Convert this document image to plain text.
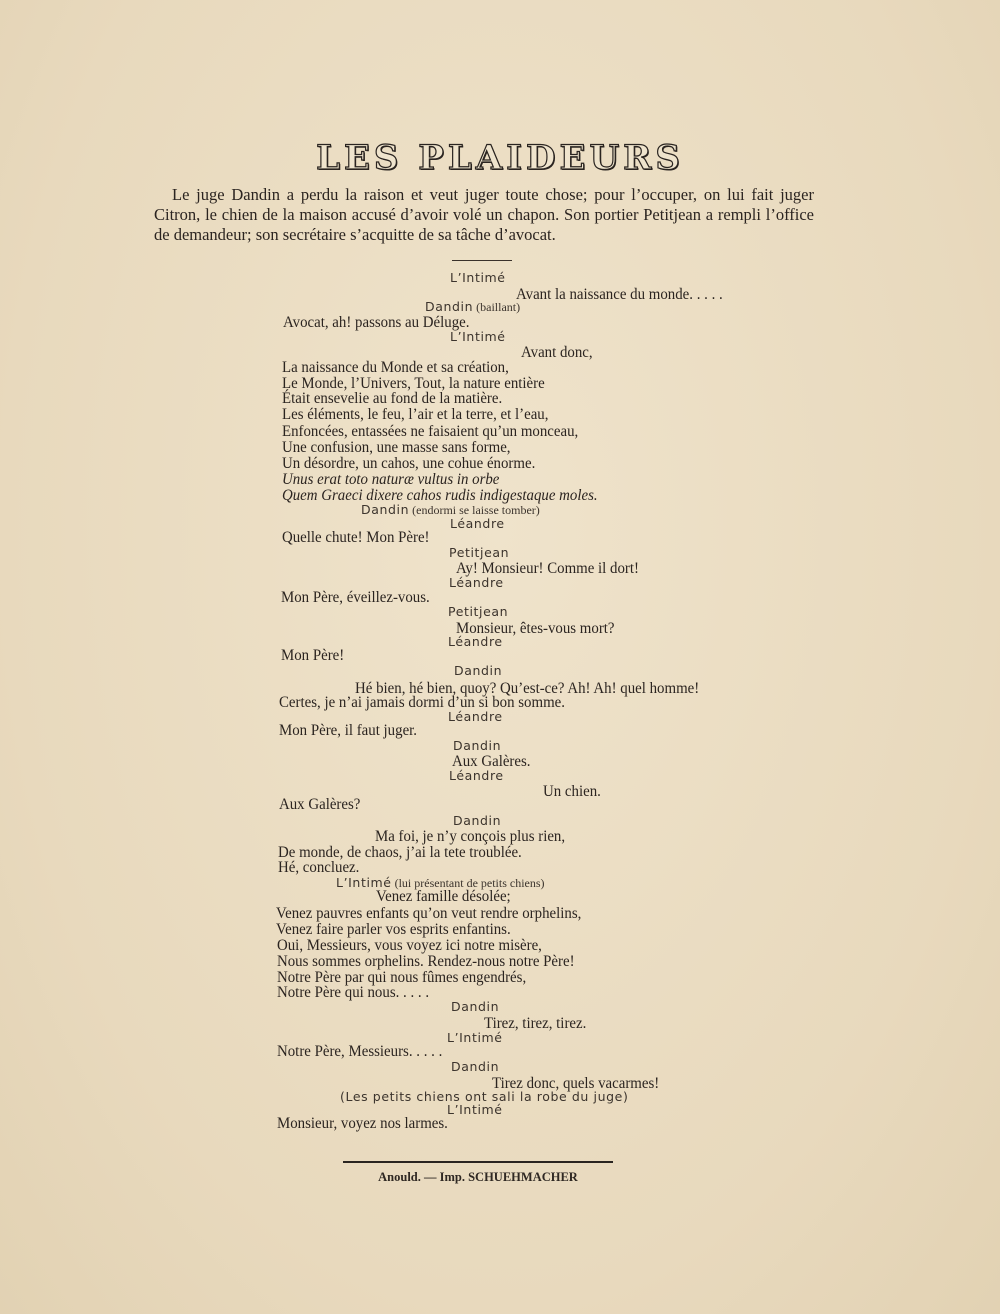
LES PLAIDEURS
Le juge Dandin a perdu la raison et veut juger toute chose; pour l’occuper, on lui fait juger Citron, le chien de la maison accusé d’avoir volé un chapon. Son portier Petitjean a rempli l’office de demandeur; son secrétaire s’acquitte de sa tâche d’avocat.
L’Intimé
Avant la naissance du monde. . . . .
Dandin (baillant)
Avocat, ah! passons au Déluge.
L’Intimé
Avant donc,
La naissance du Monde et sa création,
Le Monde, l’Univers, Tout, la nature entière
Était ensevelie au fond de la matière.
Les éléments, le feu, l’air et la terre, et l’eau,
Enfoncées, entassées ne faisaient qu’un monceau,
Une confusion, une masse sans forme,
Un désordre, un cahos, une cohue énorme.
Unus erat toto naturæ vultus in orbe
Quem Graeci dixere cahos rudis indigestaque moles.
Dandin (endormi se laisse tomber)
Léandre
Quelle chute! Mon Père!
Petitjean
Ay! Monsieur! Comme il dort!
Léandre
Mon Père, éveillez-vous.
Petitjean
Monsieur, êtes-vous mort?
Léandre
Mon Père!
Dandin
Hé bien, hé bien, quoy? Qu’est-ce? Ah! Ah! quel homme!
Certes, je n’ai jamais dormi d’un si bon somme.
Léandre
Mon Père, il faut juger.
Dandin
Aux Galères.
Léandre
Un chien.
Aux Galères?
Dandin
Ma foi, je n’y conçois plus rien,
De monde, de chaos, j’ai la tete troublée.
Hé, concluez.
L’Intimé (lui présentant de petits chiens)
Venez famille désolée;
Venez pauvres enfants qu’on veut rendre orphelins,
Venez faire parler vos esprits enfantins.
Oui, Messieurs, vous voyez ici notre misère,
Nous sommes orphelins. Rendez-nous notre Père!
Notre Père par qui nous fûmes engendrés,
Notre Père qui nous. . . . .
Dandin
Tirez, tirez, tirez.
L’Intimé
Notre Père, Messieurs. . . . .
Dandin
Tirez donc, quels vacarmes!
(Les petits chiens ont sali la robe du juge)
L’Intimé
Monsieur, voyez nos larmes.
Anould. — Imp. SCHUEHMACHER
